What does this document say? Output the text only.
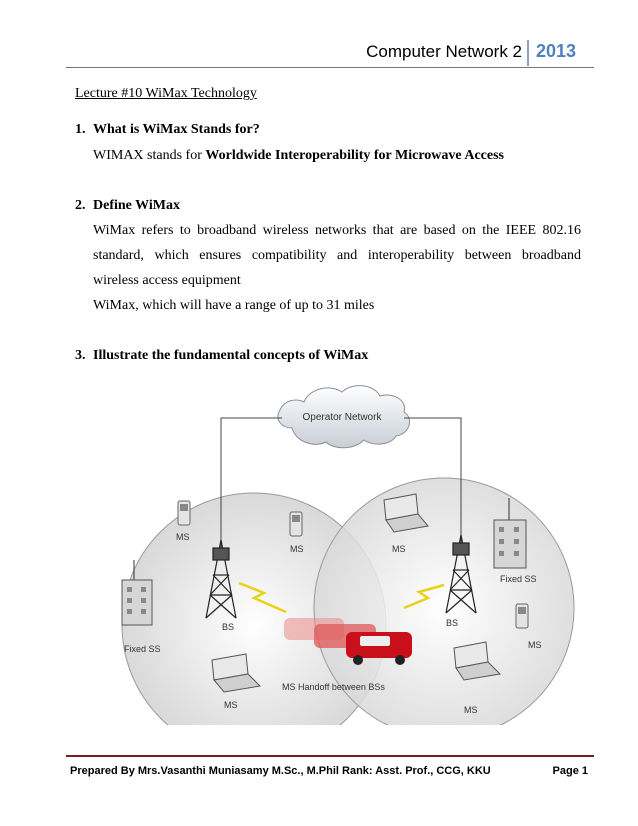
Computer Network 2 2013
Lecture #10 WiMax Technology
1. What is WiMax Stands for?
WIMAX stands for Worldwide Interoperability for Microwave Access
2. Define WiMax
WiMax refers to broadband wireless networks that are based on the IEEE 802.16
standard, which ensures compatibility and interoperability between broadband
wireless access equipment
WiMax, which will have a range of up to 31 miles
3. Illustrate the fundamental concepts of WiMax
Operator Network
MS
MS
BS
Fixed SS
MS
MS Handoff between BSs
MS
Fixed SS
BS
MS
MS
Prepared By Mrs.Vasanthi Muniasamy M.Sc., M.Phil Rank: Asst. Prof., CCG, KKU	Page 1
